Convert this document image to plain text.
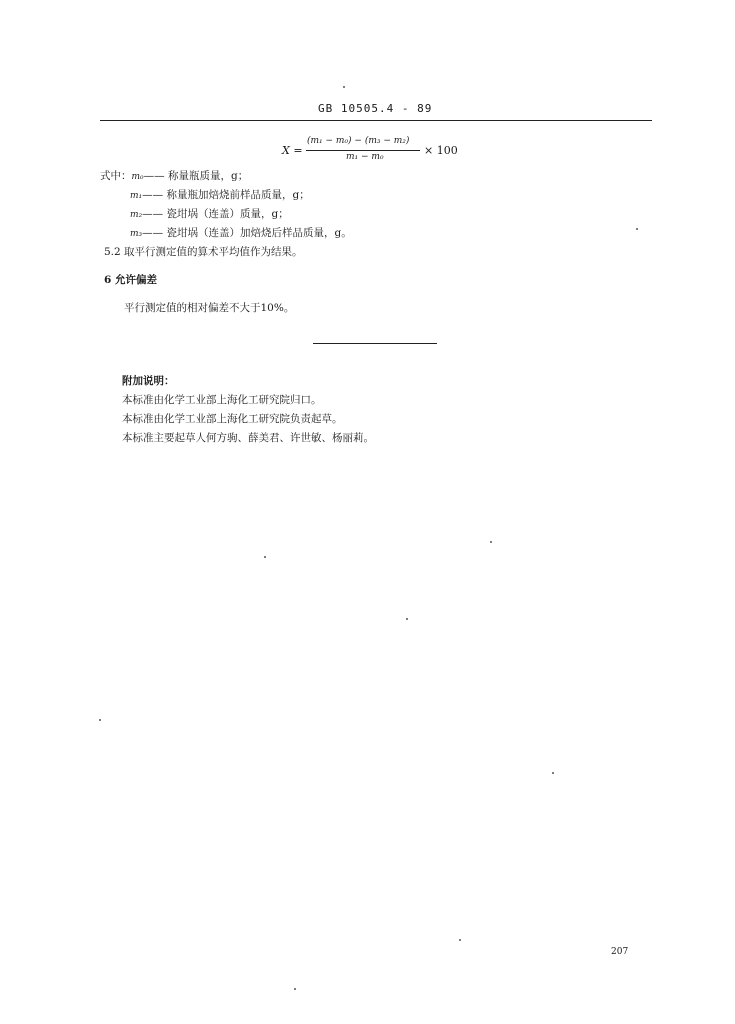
GB 10505.4 - 89
X =
(m₁ − m₀) − (m₃ − m₂)
m₁ − m₀	× 100
式中：m₀—— 称量瓶质量，g；
m₁—— 称量瓶加焙烧前样品质量，g；
m₂—— 瓷坩埚（连盖）质量，g；
m₃—— 瓷坩埚（连盖）加焙烧后样品质量，g。
5.2 取平行测定值的算术平均值作为结果。
6 允许偏差
平行测定值的相对偏差不大于10%。
附加说明：
本标准由化学工业部上海化工研究院归口。
本标准由化学工业部上海化工研究院负责起草。
本标准主要起草人何方驹、薛美君、许世敏、杨丽莉。
207
